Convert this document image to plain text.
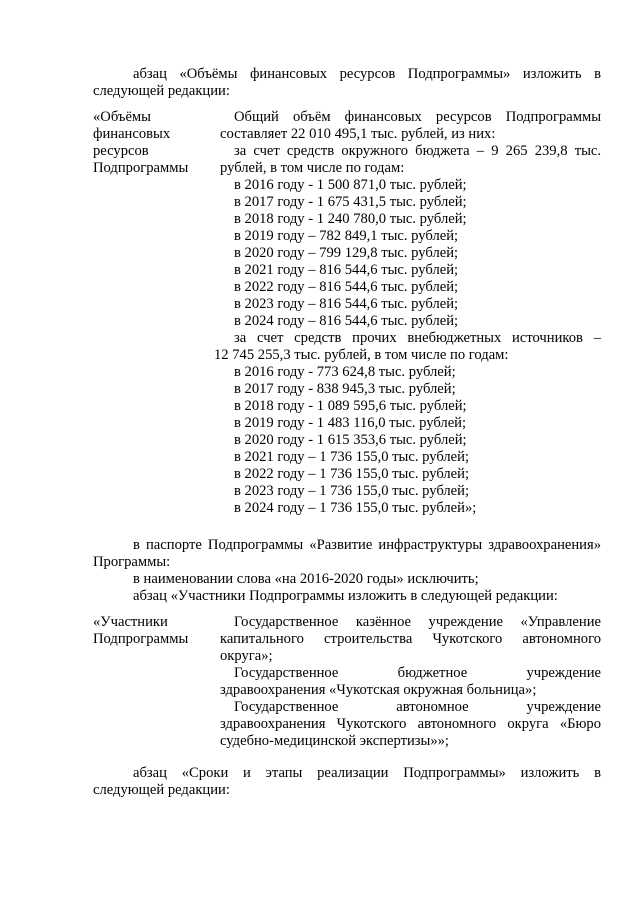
абзац «Объёмы финансовых ресурсов Подпрограммы» изложить в
следующей редакции:
«Объёмы
финансовых
ресурсов
Подпрограммы
Общий объём финансовых ресурсов Подпрограммы
составляет 22 010 495,1 тыс. рублей, из них:
за счет средств окружного бюджета – 9 265 239,8 тыс.
рублей, в том числе по годам:
в 2016 году - 1 500 871,0 тыс. рублей;
в 2017 году - 1 675 431,5 тыс. рублей;
в 2018 году - 1 240 780,0 тыс. рублей;
в 2019 году – 782 849,1 тыс. рублей;
в 2020 году – 799 129,8 тыс. рублей;
в 2021 году – 816 544,6 тыс. рублей;
в 2022 году – 816 544,6 тыс. рублей;
в 2023 году – 816 544,6 тыс. рублей;
в 2024 году – 816 544,6 тыс. рублей;
за счет средств прочих внебюджетных источников –
12 745 255,3 тыс. рублей, в том числе по годам:
в 2016 году - 773 624,8 тыс. рублей;
в 2017 году - 838 945,3 тыс. рублей;
в 2018 году - 1 089 595,6 тыс. рублей;
в 2019 году - 1 483 116,0 тыс. рублей;
в 2020 году - 1 615 353,6 тыс. рублей;
в 2021 году – 1 736 155,0 тыс. рублей;
в 2022 году – 1 736 155,0 тыс. рублей;
в 2023 году – 1 736 155,0 тыс. рублей;
в 2024 году – 1 736 155,0 тыс. рублей»;
в паспорте Подпрограммы «Развитие инфраструктуры здравоохранения»
Программы:
в наименовании слова «на 2016-2020 годы» исключить;
абзац «Участники Подпрограммы изложить в следующей редакции:
«Участники
Подпрограммы
Государственное казённое учреждение «Управление
капитального строительства Чукотского автономного
округа»;
Государственное бюджетное учреждение
здравоохранения «Чукотская окружная больница»;
Государственное автономное учреждение
здравоохранения Чукотского автономного округа «Бюро
судебно-медицинской экспертизы»»;
абзац «Сроки и этапы реализации Подпрограммы» изложить в
следующей редакции:
